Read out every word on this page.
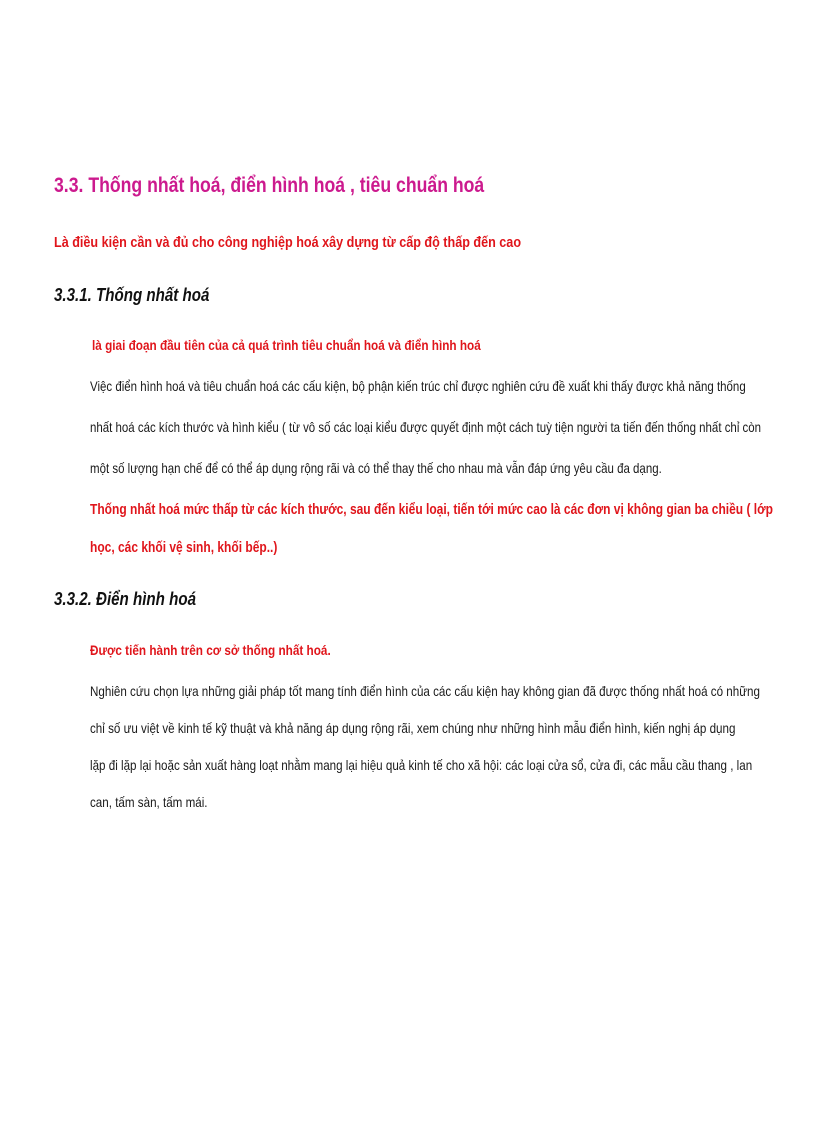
3.3. Thống nhất hoá, điển hình hoá , tiêu chuẩn hoá

Là điều kiện cần và đủ cho công nghiệp hoá xây dựng từ cấp độ thấp đến cao

3.3.1. Thống nhất hoá

là giai đoạn đầu tiên của cả quá trình tiêu chuẩn hoá và điển hình hoá

Việc điển hình hoá và tiêu chuẩn hoá các cấu kiện, bộ phận kiến trúc chỉ được nghiên cứu đề xuất khi thấy được khả năng thống
nhất hoá các kích thước và hình kiểu ( từ vô số các loại kiểu được quyết định một cách tuỳ tiện người ta tiến đến thống nhất chỉ còn
một số lượng hạn chế để có thể áp dụng rộng rãi và có thể thay thế cho nhau mà vẫn đáp ứng yêu cầu đa dạng.
Thống nhất hoá mức thấp từ các kích thước, sau đến kiểu loại, tiến tới mức cao là các đơn vị không gian ba chiều ( lớp
học, các khối vệ sinh, khối bếp..)
3.3.2. Điển hình hoá

Được tiến hành trên cơ sở thống nhất hoá.

Nghiên cứu chọn lựa những giải pháp tốt mang tính điển hình của các cấu kiện hay không gian đã được thống nhất hoá có những
chỉ số ưu việt về kinh tế kỹ thuật và khả năng áp dụng rộng rãi, xem chúng như những hình mẫu điển hình, kiến nghị áp dụng
lặp đi lặp lại hoặc sản xuất hàng loạt nhằm mang lại hiệu quả kinh tế cho xã hội: các loại cửa sổ, cửa đi, các mẫu cầu thang , lan
can, tấm sàn, tấm mái.
